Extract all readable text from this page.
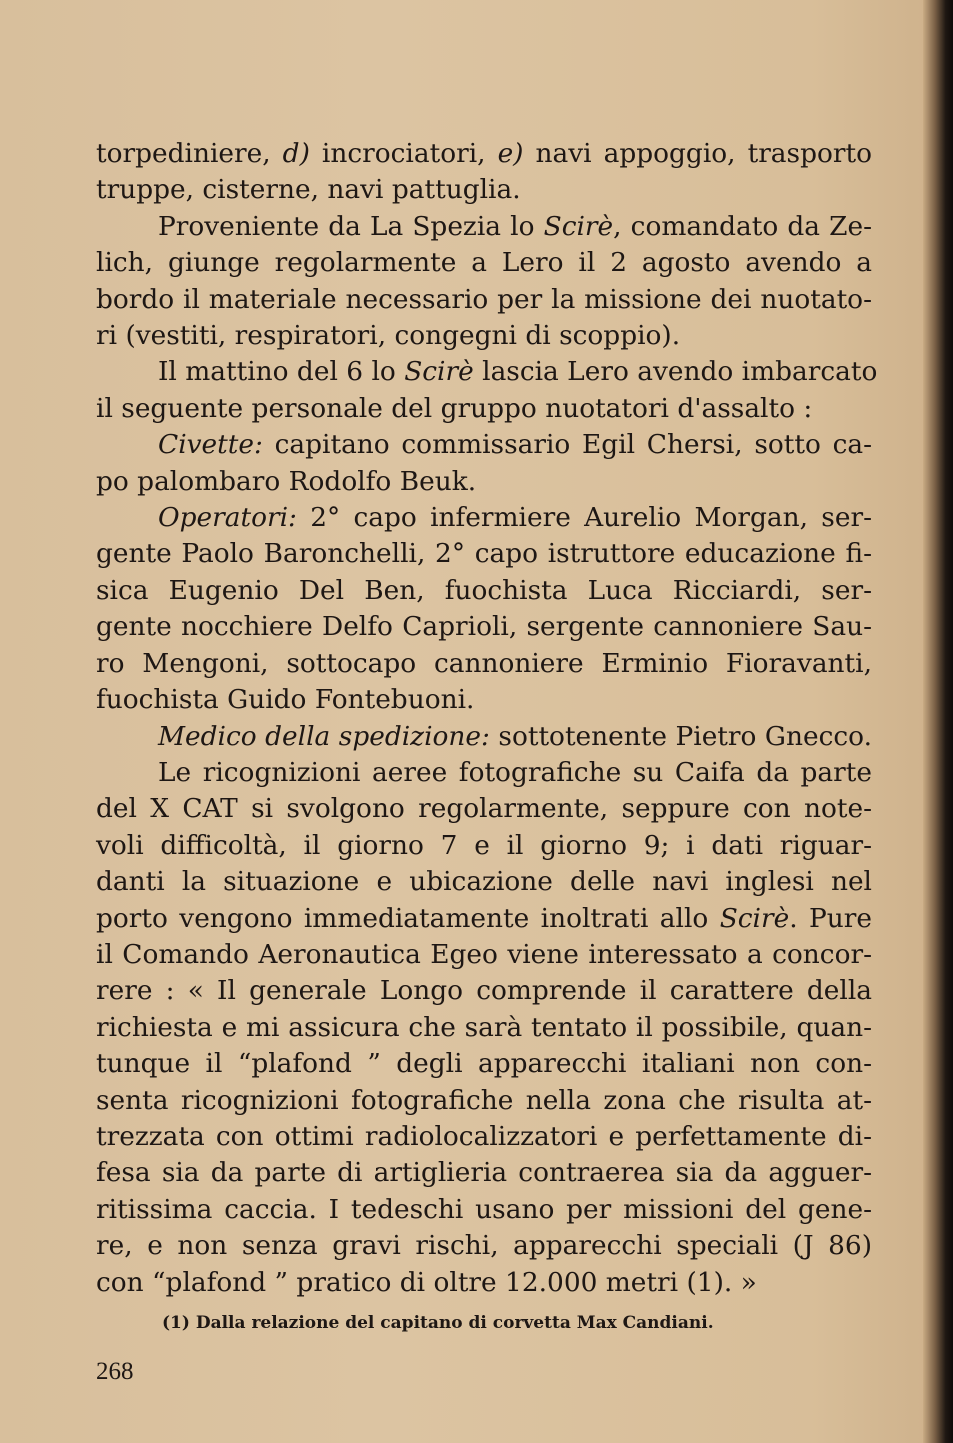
torpediniere, d) incrociatori, e) navi appoggio, trasporto
truppe, cisterne, navi pattuglia.
Proveniente da La Spezia lo Scirè, comandato da Ze-
lich, giunge regolarmente a Lero il 2 agosto avendo a
bordo il materiale necessario per la missione dei nuotato-
ri (vestiti, respiratori, congegni di scoppio).
Il mattino del 6 lo Scirè lascia Lero avendo imbarcato
il seguente personale del gruppo nuotatori d'assalto :
Civette: capitano commissario Egil Chersi, sotto ca-
po palombaro Rodolfo Beuk.
Operatori: 2° capo infermiere Aurelio Morgan, ser-
gente Paolo Baronchelli, 2° capo istruttore educazione fi-
sica Eugenio Del Ben, fuochista Luca Ricciardi, ser-
gente nocchiere Delfo Caprioli, sergente cannoniere Sau-
ro Mengoni, sottocapo cannoniere Erminio Fioravanti,
fuochista Guido Fontebuoni.
Medico della spedizione: sottotenente Pietro Gnecco.
Le ricognizioni aeree fotografiche su Caifa da parte
del X CAT si svolgono regolarmente, seppure con note-
voli difficoltà, il giorno 7 e il giorno 9; i dati riguar-
danti la situazione e ubicazione delle navi inglesi nel
porto vengono immediatamente inoltrati allo Scirè. Pure
il Comando Aeronautica Egeo viene interessato a concor-
rere : « Il generale Longo comprende il carattere della
richiesta e mi assicura che sarà tentato il possibile, quan-
tunque il “plafond ” degli apparecchi italiani non con-
senta ricognizioni fotografiche nella zona che risulta at-
trezzata con ottimi radiolocalizzatori e perfettamente di-
fesa sia da parte di artiglieria contraerea sia da agguer-
ritissima caccia. I tedeschi usano per missioni del gene-
re, e non senza gravi rischi, apparecchi speciali (J 86)
con “plafond ” pratico di oltre 12.000 metri (1). »
(1) Dalla relazione del capitano di corvetta Max Candiani.
268
